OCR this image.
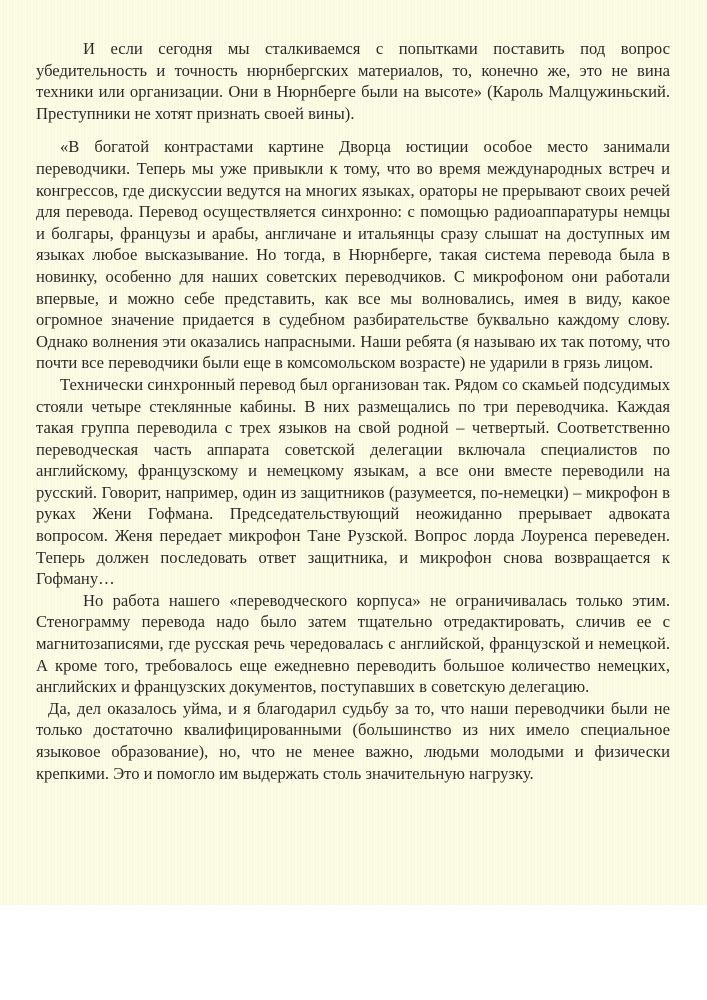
И если сегодня мы сталкиваемся с попытками поставить под вопрос убедительность и точность нюрнбергских материалов, то, конечно же, это не вина техники или организации. Они в Нюрнберге были на высоте» (Кароль Малцужиньский. Преступники не хотят признать своей вины).

«В богатой контрастами картине Дворца юстиции особое место занимали переводчики. Теперь мы уже привыкли к тому, что во время международных встреч и конгрессов, где дискуссии ведутся на многих языках, ораторы не прерывают своих речей для перевода. Перевод осуществляется синхронно: с помощью радиоаппаратуры немцы и болгары, французы и арабы, англичане и итальянцы сразу слышат на доступных им языках любое высказывание. Но тогда, в Нюрнберге, такая система перевода была в новинку, особенно для наших советских переводчиков. С микрофоном они работали впервые, и можно себе представить, как все мы волновались, имея в виду, какое огромное значение придается в судебном разбирательстве буквально каждому слову. Однако волнения эти оказались напрасными. Наши ребята (я называю их так потому, что почти все переводчики были еще в комсомольском возрасте) не ударили в грязь лицом.

Технически синхронный перевод был организован так. Рядом со скамьей подсудимых стояли четыре стеклянные кабины. В них размещались по три переводчика. Каждая такая группа переводила с трех языков на свой родной – четвертый. Соответственно переводческая часть аппарата советской делегации включала специалистов по английскому, французскому и немецкому языкам, а все они вместе переводили на русский. Говорит, например, один из защитников (разумеется, по-немецки) – микрофон в руках Жени Гофмана. Председательствующий неожиданно прерывает адвоката вопросом. Женя передает микрофон Тане Рузской. Вопрос лорда Лоуренса переведен. Теперь должен последовать ответ защитника, и микрофон снова возвращается к Гофману…

Но работа нашего «переводческого корпуса» не ограничивалась только этим. Стенограмму перевода надо было затем тщательно отредактировать, сличив ее с магнитозаписями, где русская речь чередовалась с английской, французской и немецкой. А кроме того, требовалось еще ежедневно переводить большое количество немецких, английских и французских документов, поступавших в советскую делегацию.

Да, дел оказалось уйма, и я благодарил судьбу за то, что наши переводчики были не только достаточно квалифицированными (большинство из них имело специальное языковое образование), но, что не менее важно, людьми молодыми и физически крепкими. Это и помогло им выдержать столь значительную нагрузку.
